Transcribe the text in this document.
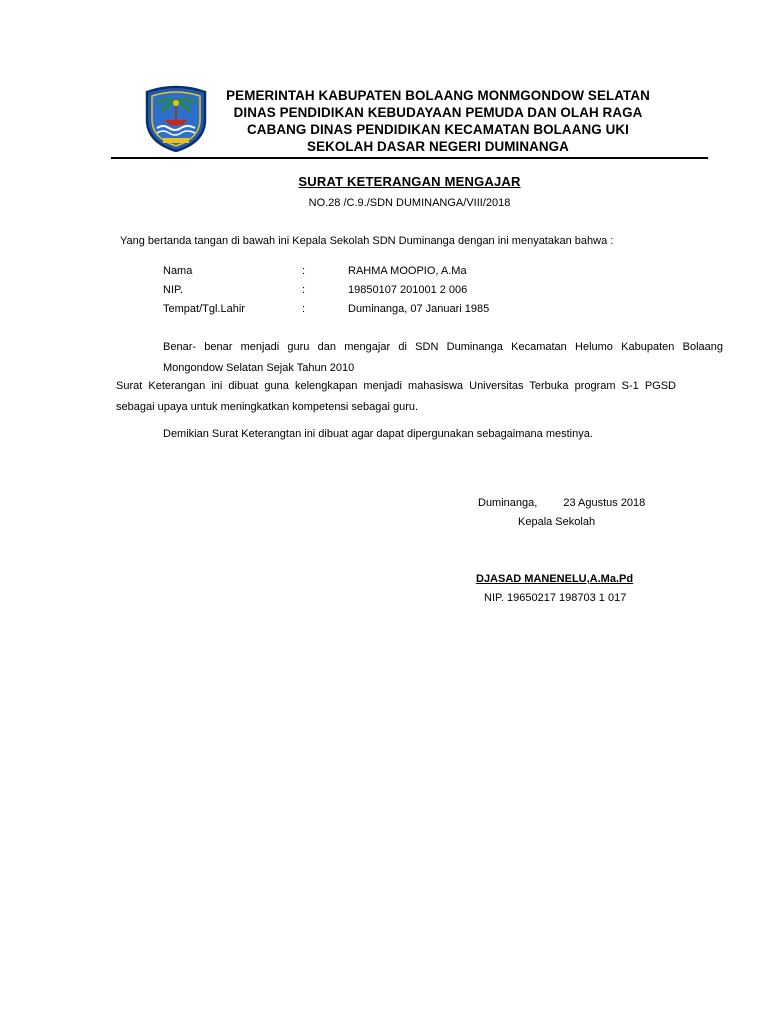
PEMERINTAH KABUPATEN BOLAANG MONMGONDOW SELATAN
DINAS PENDIDIKAN KEBUDAYAAN PEMUDA DAN OLAH RAGA
CABANG DINAS PENDIDIKAN KECAMATAN BOLAANG UKI
SEKOLAH DASAR NEGERI DUMINANGA
SURAT KETERANGAN MENGAJAR
NO.28 /C.9./SDN DUMINANGA/VIII/2018
Yang bertanda tangan di bawah ini Kepala Sekolah SDN Duminanga dengan ini menyatakan bahwa :
Nama	:	RAHMA MOOPIO, A.Ma
NIP.	:	19850107 201001 2 006
Tempat/Tgl.Lahir	:	Duminanga, 07 Januari 1985
Benar- benar menjadi guru dan mengajar di SDN Duminanga Kecamatan Helumo Kabupaten Bolaang Mongondow Selatan Sejak Tahun 2010
Surat Keterangan ini dibuat guna kelengkapan menjadi mahasiswa Universitas Terbuka program S-1 PGSD sebagai upaya untuk meningkatkan kompetensi sebagai guru.
Demikian Surat Keterangtan ini dibuat agar dapat dipergunakan sebagaimana mestinya.
Duminanga, 23 Agustus 2018
Kepala Sekolah
DJASAD MANENELU,A.Ma.Pd
NIP. 19650217 198703 1 017
